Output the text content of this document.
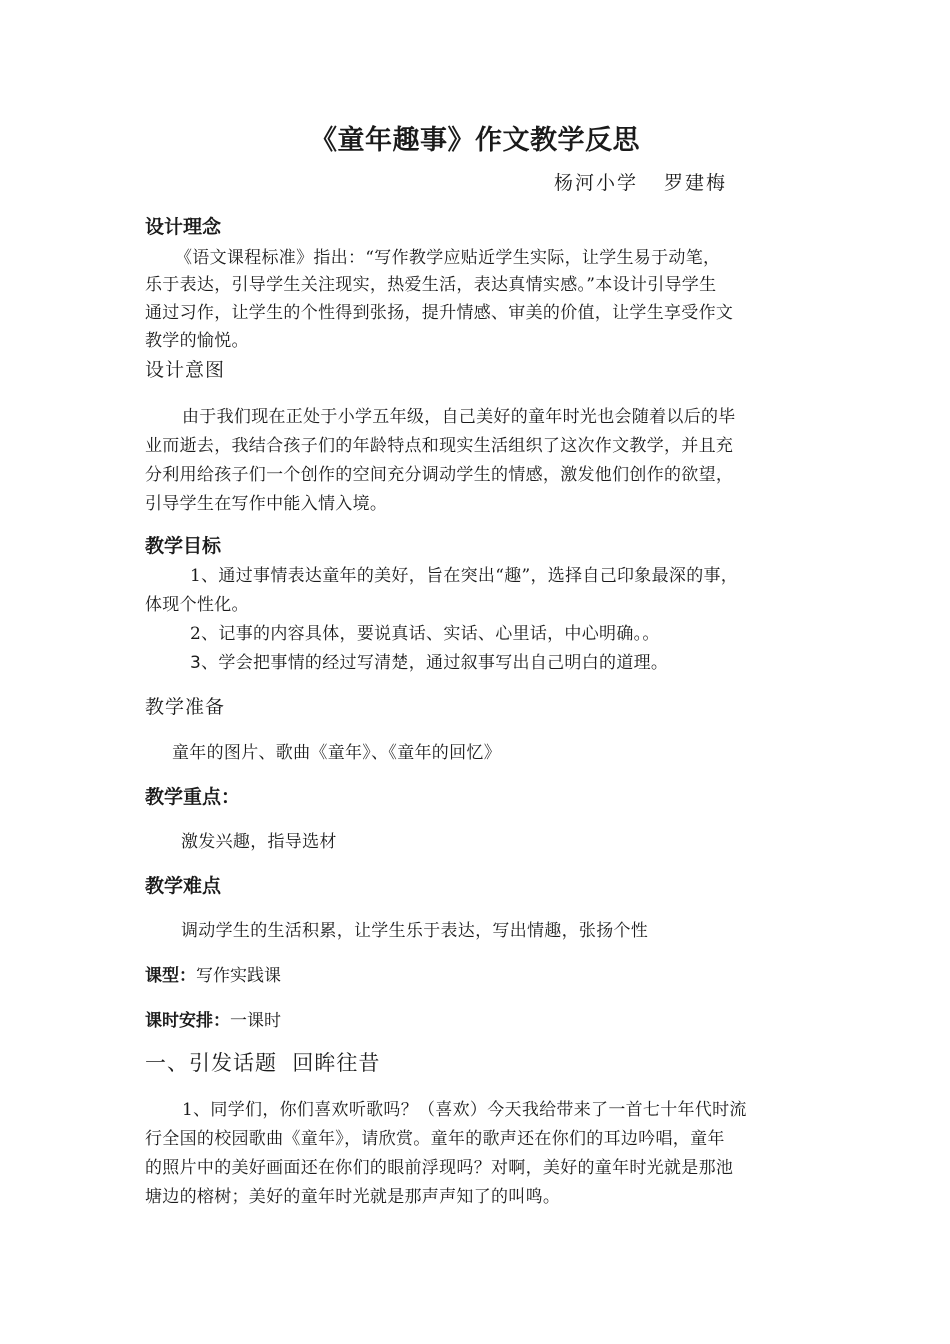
《童年趣事》作文教学反思
杨河小学 罗建梅
设计理念
《语文课程标准》指出：“写作教学应贴近学生实际，让学生易于动笔，
乐于表达，引导学生关注现实，热爱生活，表达真情实感。”本设计引导学生
通过习作，让学生的个性得到张扬，提升情感、审美的价值，让学生享受作文
教学的愉悦。
设计意图
由于我们现在正处于小学五年级，自己美好的童年时光也会随着以后的毕
业而逝去，我结合孩子们的年龄特点和现实生活组织了这次作文教学，并且充
分利用给孩子们一个创作的空间充分调动学生的情感，激发他们创作的欲望，
引导学生在写作中能入情入境。
教学目标
1、通过事情表达童年的美好，旨在突出“趣”，选择自己印象最深的事，
体现个性化。
2、记事的内容具体，要说真话、实话、心里话，中心明确。。
3、学会把事情的经过写清楚，通过叙事写出自己明白的道理。
教学准备
童年的图片、歌曲《童年》、《童年的回忆》
教学重点：
激发兴趣，指导选材
教学难点
调动学生的生活积累，让学生乐于表达，写出情趣，张扬个性
课型：写作实践课
课时安排：一课时
一、引发话题  回眸往昔
1、同学们，你们喜欢听歌吗？（喜欢）今天我给带来了一首七十年代时流
行全国的校园歌曲《童年》，请欣赏。童年的歌声还在你们的耳边吟唱，童年
的照片中的美好画面还在你们的眼前浮现吗？对啊，美好的童年时光就是那池
塘边的榕树；美好的童年时光就是那声声知了的叫鸣。
